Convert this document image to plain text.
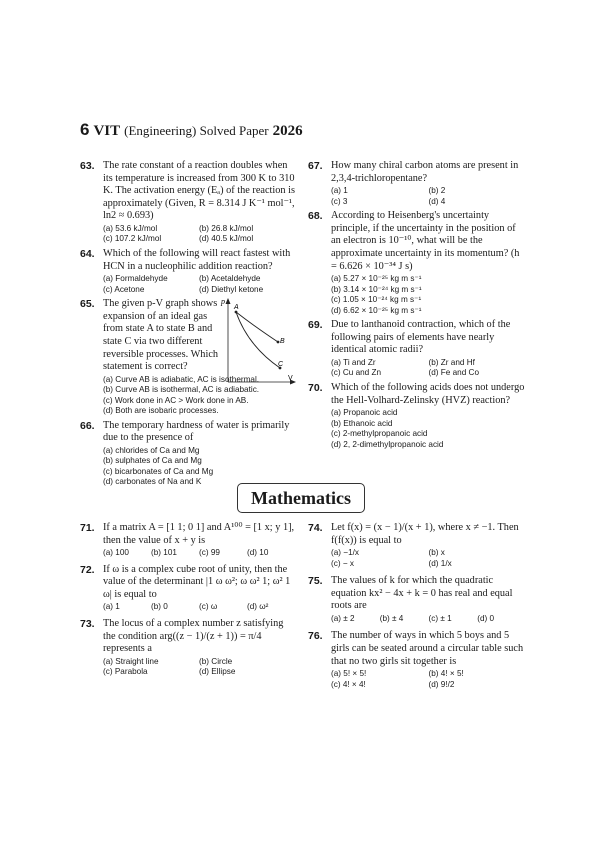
6 VIT (Engineering) Solved Paper 2026
63. The rate constant of a reaction doubles when its temperature is increased from 300 K to 310 K. The activation energy (Eₐ) of the reaction is approximately (Given, R = 8.314 J K⁻¹ mol⁻¹, ln2 ≈ 0.693)
(a) 53.6 kJ/mol	(b) 26.8 kJ/mol
(c) 107.2 kJ/mol	(d) 40.5 kJ/mol
64. Which of the following will react fastest with HCN in a nucleophilic addition reaction?
(a) Formaldehyde	(b) Acetaldehyde
(c) Acetone	(d) Diethyl ketone
65. The given p-V graph shows expansion of an ideal gas from state A to state B and state C via two different reversible processes. Which statement is correct?
(a) Curve AB is adiabatic, AC is isothermal.
(b) Curve AB is isothermal, AC is adiabatic.
(c) Work done in AC > Work done in AB.
(d) Both are isobaric processes.
p
V
A
B
C
66. The temporary hardness of water is primarily due to the presence of
(a) chlorides of Ca and Mg
(b) sulphates of Ca and Mg
(c) bicarbonates of Ca and Mg
(d) carbonates of Na and K
67. How many chiral carbon atoms are present in 2,3,4-trichloropentane?
(a) 1	(b) 2
(c) 3	(d) 4
68. According to Heisenberg's uncertainty principle, if the uncertainty in the position of an electron is 10⁻¹⁰, what will be the approximate uncertainty in its momentum? (h = 6.626 × 10⁻³⁴ J s)
(a) 5.27 × 10⁻²⁵ kg m s⁻¹
(b) 3.14 × 10⁻²⁴ kg m s⁻¹
(c) 1.05 × 10⁻²⁴ kg m s⁻¹
(d) 6.62 × 10⁻²⁵ kg m s⁻¹
69. Due to lanthanoid contraction, which of the following pairs of elements have nearly identical atomic radii?
(a) Ti and Zr	(b) Zr and Hf
(c) Cu and Zn	(d) Fe and Co
70. Which of the following acids does not undergo the Hell-Volhard-Zelinsky (HVZ) reaction?
(a) Propanoic acid
(b) Ethanoic acid
(c) 2-methylpropanoic acid
(d) 2, 2-dimethylpropanoic acid
Mathematics
71. If a matrix A = [1 1; 0 1] and A¹⁰⁰ = [1 x; y 1], then the value of x + y is
(a) 100	(b) 101	(c) 99	(d) 10
72. If ω is a complex cube root of unity, then the value of the determinant |1 ω ω²; ω ω² 1; ω² 1 ω| is equal to
(a) 1	(b) 0	(c) ω	(d) ω²
73. The locus of a complex number z satisfying the condition arg((z − 1)/(z + 1)) = π/4 represents a
(a) Straight line	(b) Circle
(c) Parabola	(d) Ellipse
74. Let f(x) = (x − 1)/(x + 1), where x ≠ −1. Then f(f(x)) is equal to
(a) −1/x	(b) x
(c) − x	(d) 1/x
75. The values of k for which the quadratic equation kx² − 4x + k = 0 has real and equal roots are
(a) ± 2	(b) ± 4	(c) ± 1	(d) 0
76. The number of ways in which 5 boys and 5 girls can be seated around a circular table such that no two girls sit together is
(a) 5! × 5!	(b) 4! × 5!
(c) 4! × 4!	(d) 9!/2
